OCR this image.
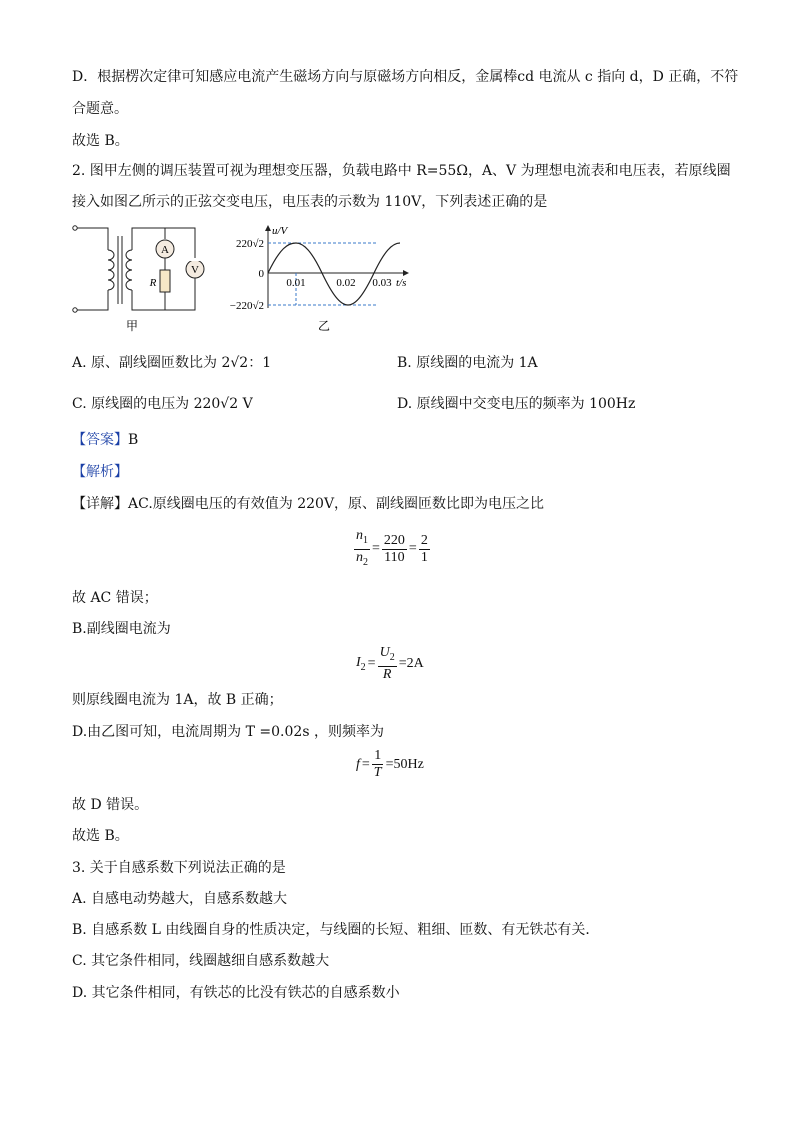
D．根据楞次定律可知感应电流产生磁场方向与原磁场方向相反，金属棒cd 电流从 c 指向 d，D 正确，不符
合题意。
故选 B。
2. 图甲左侧的调压装置可视为理想变压器，负载电路中 R=55Ω，A、V 为理想电流表和电压表，若原线圈
接入如图乙所示的正弦交变电压，电压表的示数为 110V，下列表述正确的是
A
V
R
甲
u/V
220√2
0
−220√2
0.01	0.02 0.03 t/s
乙
A. 原、副线圈匝数比为 2√2：1	B. 原线圈的电流为 1A
C. 原线圈的电压为 220√2 V	D. 原线圈中交变电压的频率为 100Hz
【答案】B
【解析】
【详解】AC.原线圈电压的有效值为 220V，原、副线圈匝数比即为电压之比
$\frac{n_1}{n_2} = \frac{220}{110} = \frac{2}{1}$
故 AC 错误；
B.副线圈电流为
$I_2 = \frac{U_2}{R} =2A$
则原线圈电流为 1A，故 B 正确；
D.由乙图可知，电流周期为 T =0.02s ，则频率为
$f = \frac{1}{T} =50Hz$
故 D 错误。
故选 B。
3. 关于自感系数下列说法正确的是
A. 自感电动势越大，自感系数越大
B. 自感系数 L 由线圈自身的性质决定，与线圈的长短、粗细、匝数、有无铁芯有关．
C. 其它条件相同，线圈越细自感系数越大
D. 其它条件相同，有铁芯的比没有铁芯的自感系数小
